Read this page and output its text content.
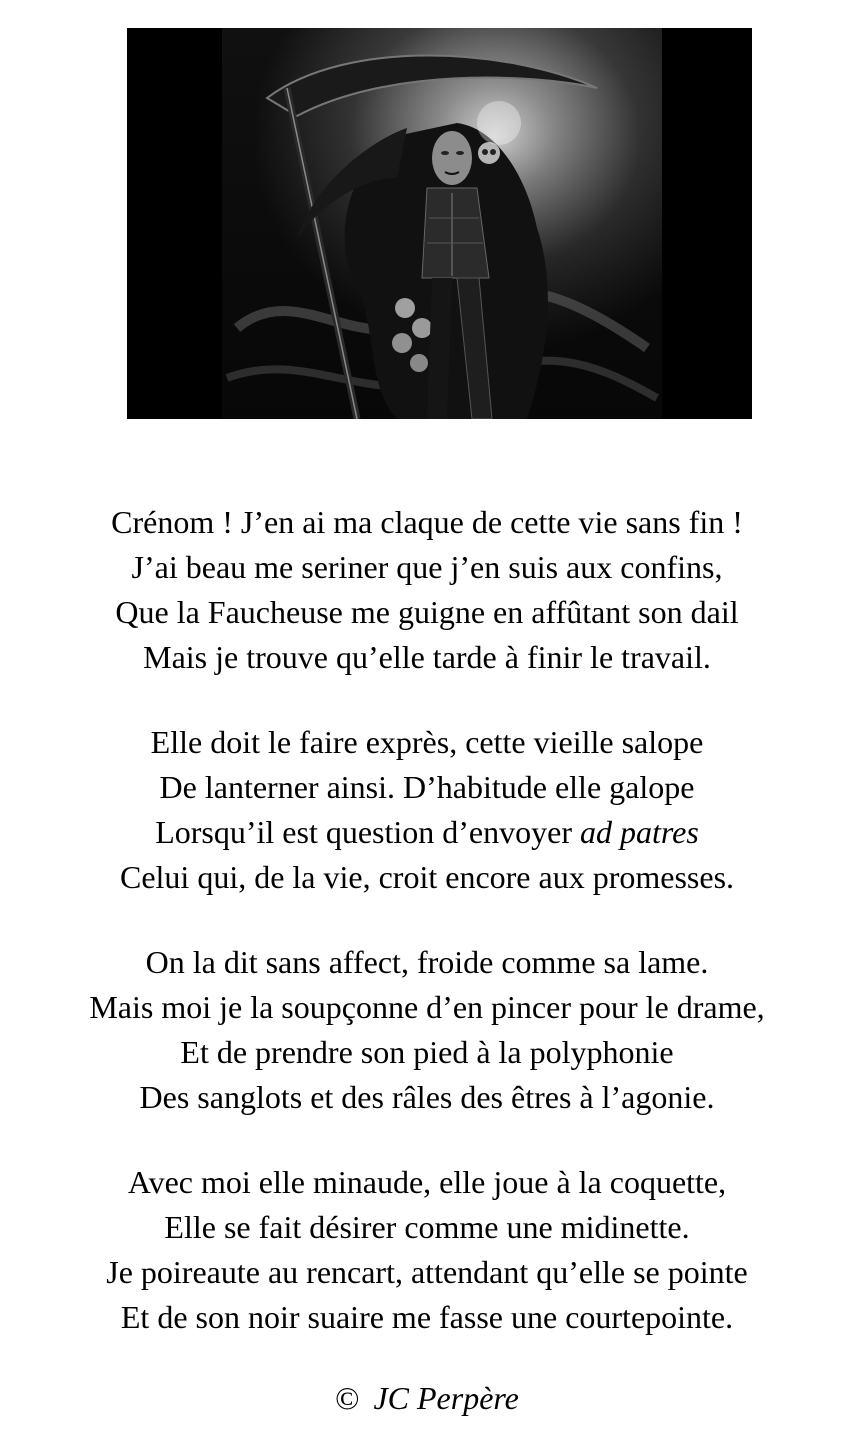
Crénom ! J’en ai ma claque de cette vie sans fin !
J’ai beau me seriner que j’en suis aux confins,
Que la Faucheuse me guigne en affûtant son dail
Mais je trouve qu’elle tarde à finir le travail.
Elle doit le faire exprès, cette vieille salope
De lanterner ainsi. D’habitude elle galope
Lorsqu’il est question d’envoyer ad patres
Celui qui, de la vie, croit encore aux promesses.
On la dit sans affect, froide comme sa lame.
Mais moi je la soupçonne d’en pincer pour le drame,
Et de prendre son pied à la polyphonie
Des sanglots et des râles des êtres à l’agonie.
Avec moi elle minaude, elle joue à la coquette,
Elle se fait désirer comme une midinette.
Je poireaute au rencart, attendant qu’elle se pointe
Et de son noir suaire me fasse une courtepointe.
© JC Perpère
